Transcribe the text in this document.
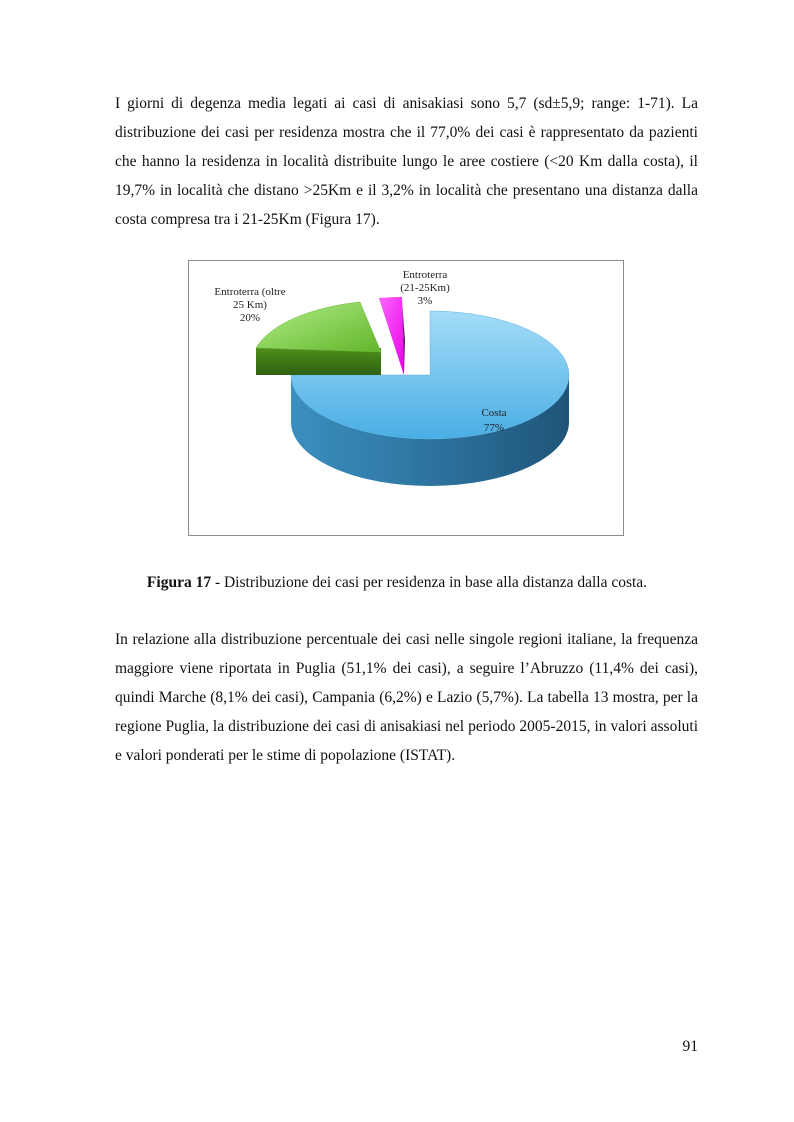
I giorni di degenza media legati ai casi di anisakiasi sono 5,7 (sd±5,9; range: 1-71). La distribuzione dei casi per residenza mostra che il 77,0% dei casi è rappresentato da pazienti che hanno la residenza in località distribuite lungo le aree costiere (<20 Km dalla costa), il 19,7% in località che distano >25Km e il 3,2% in località che presentano una distanza dalla costa compresa tra i 21-25Km (Figura 17).

Entroterra (oltre
25 Km)
20%
Entroterra
(21-25Km)
3%
Costa
77%

Figura 17 - Distribuzione dei casi per residenza in base alla distanza dalla costa.

In relazione alla distribuzione percentuale dei casi nelle singole regioni italiane, la frequenza maggiore viene riportata in Puglia (51,1% dei casi), a seguire l’Abruzzo (11,4% dei casi), quindi Marche (8,1% dei casi), Campania (6,2%) e Lazio (5,7%). La tabella 13 mostra, per la regione Puglia, la distribuzione dei casi di anisakiasi nel periodo 2005-2015, in valori assoluti e valori ponderati per le stime di popolazione (ISTAT).

91
